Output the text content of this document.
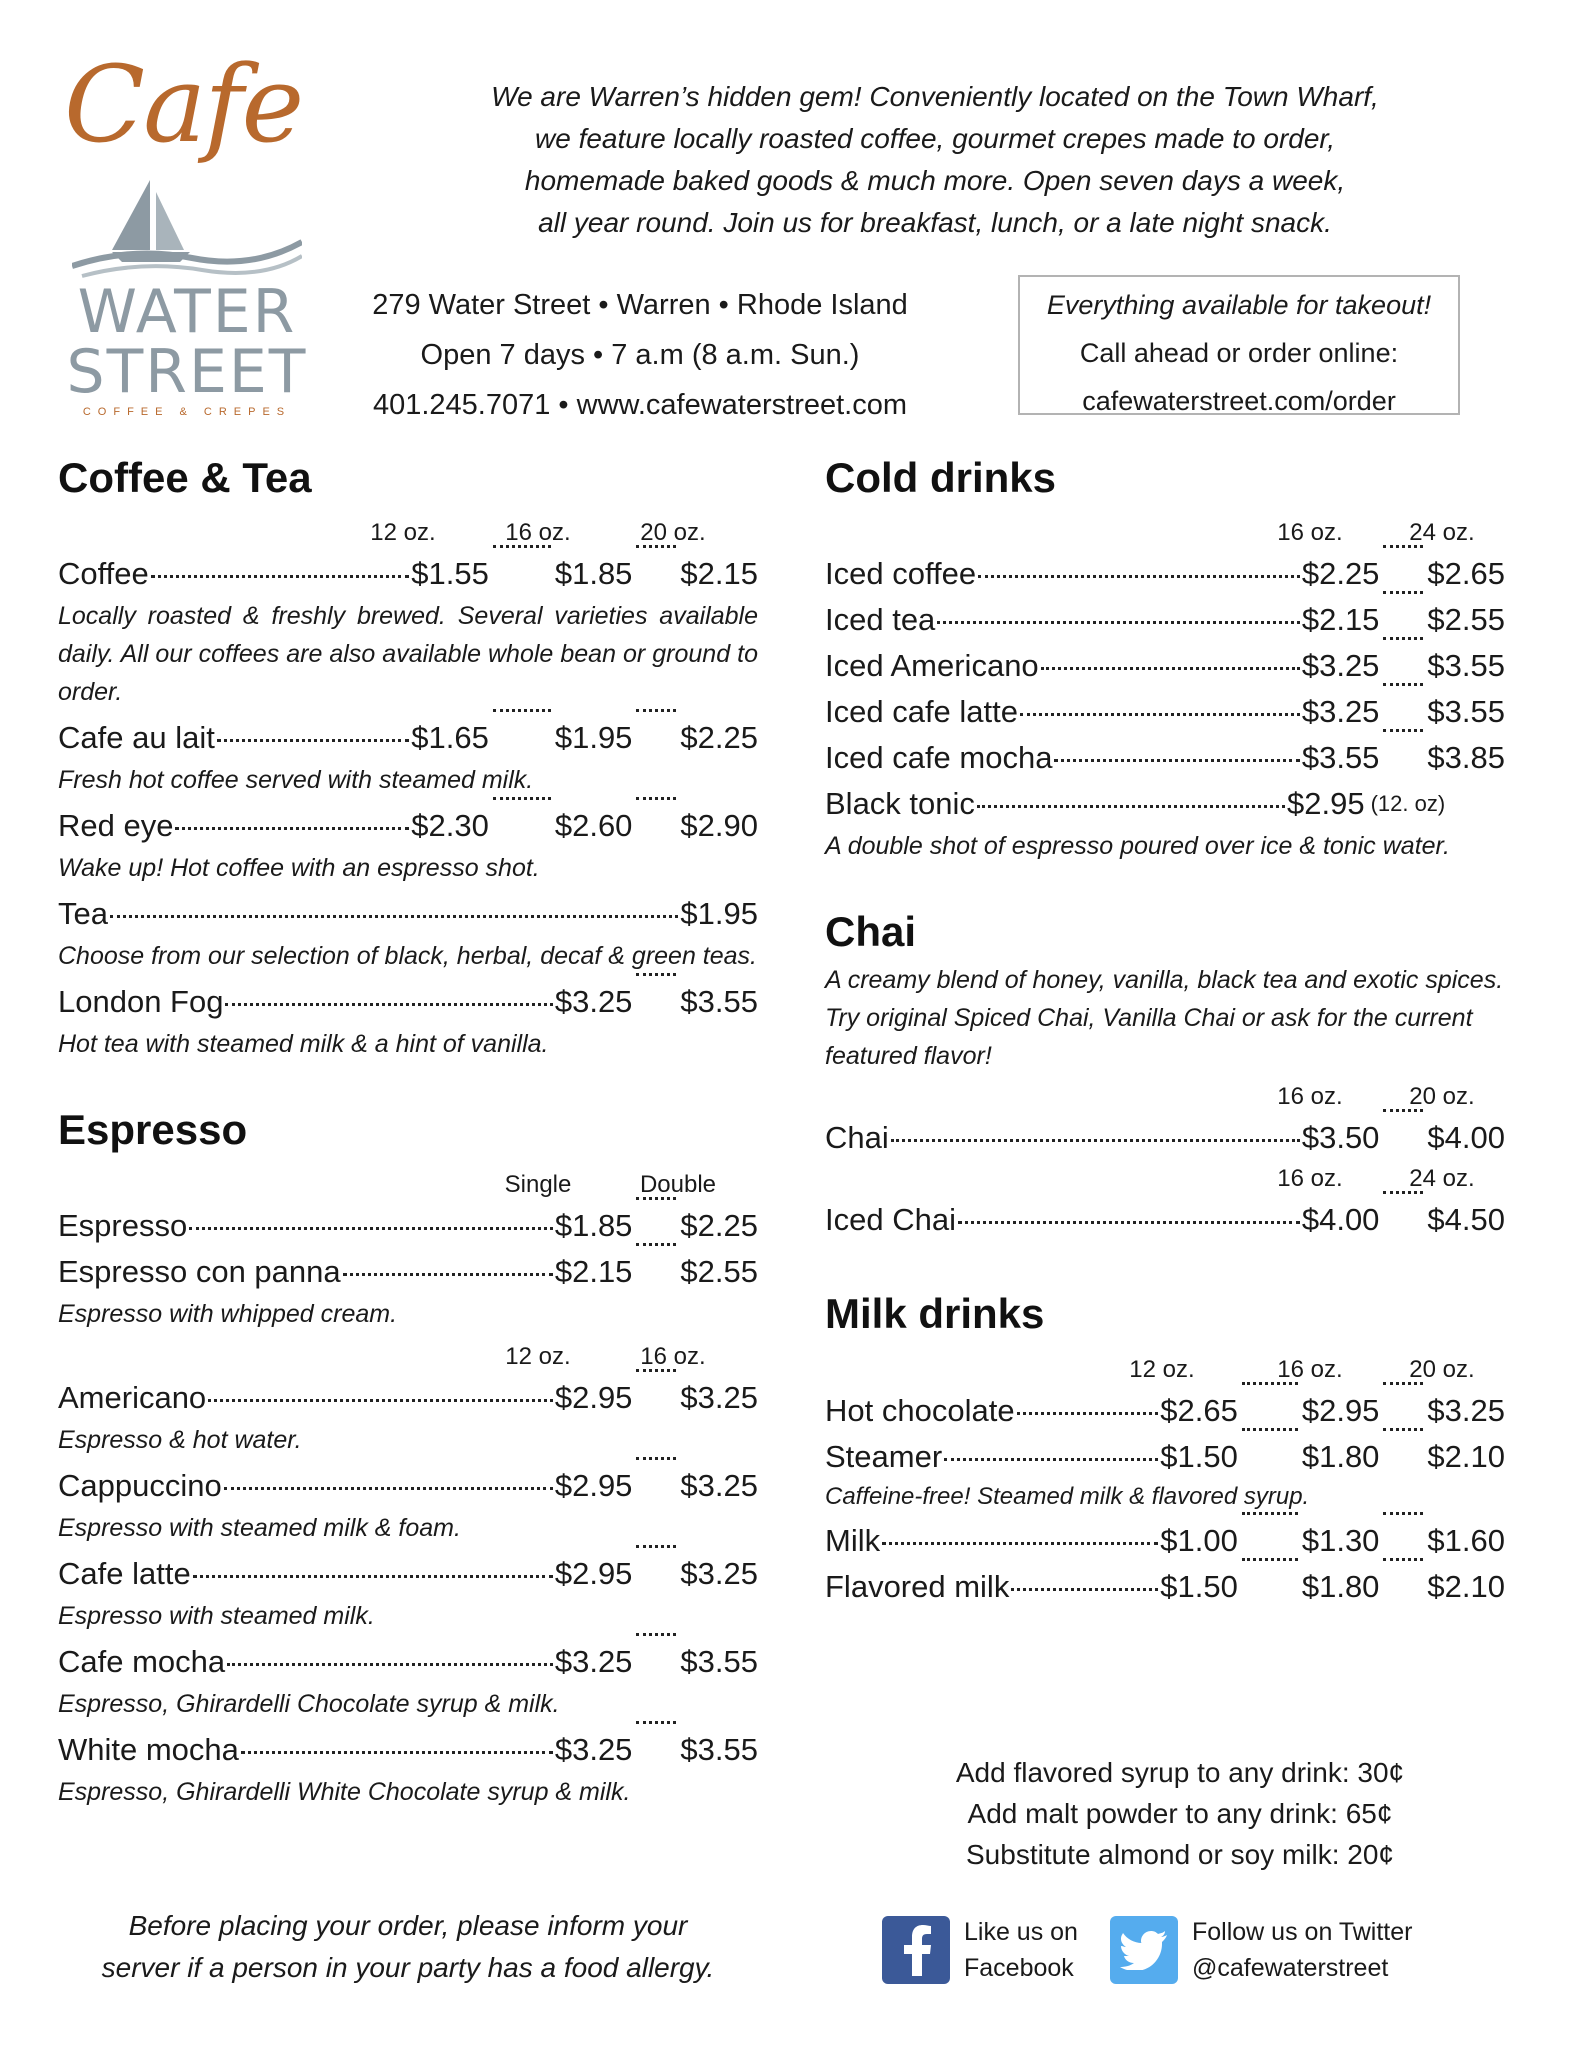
Cafe
WATER
STREET
COFFEE & CREPES
We are Warren’s hidden gem! Conveniently located on the Town Wharf,
we feature locally roasted coffee, gourmet crepes made to order,
homemade baked goods & much more. Open seven days a week,
all year round. Join us for breakfast, lunch, or a late night snack.
279 Water Street • Warren • Rhode Island
Open 7 days • 7 a.m (8 a.m. Sun.)
401.245.7071 • www.cafewaterstreet.com
Everything available for takeout!
Call ahead or order online:
cafewaterstreet.com/order
Coffee & Tea
12 oz.	16 oz.	20 oz.
Coffee	$1.55 $1.85 $2.15
Locally roasted & freshly brewed. Several varieties available daily. All our coffees are also available whole bean or ground to order.
Cafe au lait	$1.65 $1.95 $2.25
Fresh hot coffee served with steamed milk.
Red eye	$2.30 $2.60 $2.90
Wake up! Hot coffee with an espresso shot.
Tea	$1.95
Choose from our selection of black, herbal, decaf & green teas.
London Fog	$3.25 $3.55
Hot tea with steamed milk & a hint of vanilla.
Espresso
Single	Double
Espresso	$1.85 $2.25
Espresso con panna	$2.15 $2.55
Espresso with whipped cream.
12 oz.	16 oz.
Americano	$2.95 $3.25
Espresso & hot water.
Cappuccino	$2.95 $3.25
Espresso with steamed milk & foam.
Cafe latte	$2.95 $3.25
Espresso with steamed milk.
Cafe mocha	$3.25 $3.55
Espresso, Ghirardelli Chocolate syrup & milk.
White mocha	$3.25 $3.55
Espresso, Ghirardelli White Chocolate syrup & milk.
Before placing your order, please inform your
server if a person in your party has a food allergy.
Cold drinks
16 oz.	24 oz.
Iced coffee	$2.25 $2.65
Iced tea	$2.15 $2.55
Iced Americano	$3.25 $3.55
Iced cafe latte	$3.25 $3.55
Iced cafe mocha	$3.55 $3.85
Black tonic	$2.95 (12. oz)
A double shot of espresso poured over ice & tonic water.
Chai
A creamy blend of honey, vanilla, black tea and exotic spices. Try original Spiced Chai, Vanilla Chai or ask for the current featured flavor!
16 oz.	20 oz.
Chai	$3.50 $4.00
16 oz.	24 oz.
Iced Chai	$4.00 $4.50
Milk drinks
12 oz.	16 oz.	20 oz.
Hot chocolate	$2.65 $2.95 $3.25
Steamer	$1.50 $1.80 $2.10
Caffeine-free! Steamed milk & flavored syrup.
Milk	$1.00 $1.30 $1.60
Flavored milk	$1.50 $1.80 $2.10
Add flavored syrup to any drink: 30¢
Add malt powder to any drink: 65¢
Substitute almond or soy milk: 20¢
Like us on
Facebook
Follow us on Twitter
@cafewaterstreet
